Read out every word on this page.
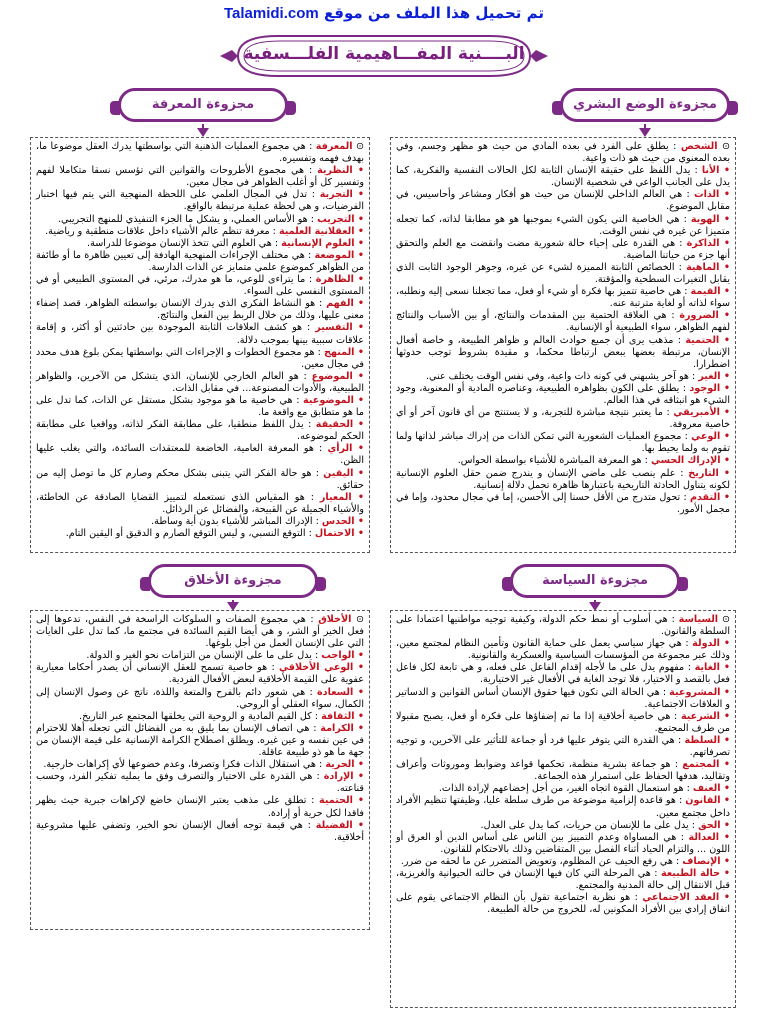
تم تحميل هذا الملف من موقع Talamidi.com
البــــنية المفـــاهيمية الفلـــسفية
مجزوءة الوضع البشري
مجزوءة المعرفة
⊙ الشخص : يطلق على الفرد في بعده المادي من حيث هو مظهر وجسم، وفي بعده المعنوي من حيث هو ذات واعية.
• الأنا : يدل اللفظ على حقيقة الإنسان الثابتة لكل الحالات النفسية والفكرية، كما يدل على الجانب الواعي في شخصية الإنسان.
• الذات : هي العالم الداخلي للإنسان من حيث هو أفكار ومشاعر وأحاسيس، في مقابل الموضوع.
• الهوية : هي الخاصية التي يكون الشيء بموجبها هو هو مطابقا لذاته، كما تجعله متميزا عن غيره في نفس الوقت.
• الذاكرة : هي القدرة على إحياء حالة شعورية مضت وانقضت مع العلم والتحقق أنها جزء من حياتنا الماضية.
• الماهية : الخصائص الثابتة المميزة لشيء عن غيره، وجوهر الوجود الثابت الذي يقابل التغيرات السطحية والمؤقتة.
• القيمة : هي خاصية تتميز بها فكرة أو شيء أو فعل، مما تجعلنا نسعى إليه ونطلبه، سواء لذاته أو لغاية مترتبة عنه.
• الضرورة : هي العلاقة الحتمية بين المقدمات والنتائج، أو بين الأسباب والنتائج لفهم الظواهر، سواء الطبيعية أو الإنسانية.
• الحتمية : مذهب يرى أن جميع حوادث العالم و ظواهر الطبيعة، و خاصة أفعال الإنسان، مرتبطة بعضها ببعض ارتباطا محكما، و مقيدة بشروط توجب حدوثها اضطرارا.
• الغير : هو آخر يشبهني في كونه ذات واعية، وفي نفس الوقت يختلف عني.
• الوجود : يطلق على الكون بظواهره الطبيعية، وعناصره المادية أو المعنوية، وجود الشيء هو انبثاقه في هذا العالم.
• الأمبريقي : ما يعتبر نتيجة مباشرة للتجربة، و لا يستنتج من أي قانون آخر أو أي خاصية معروفة.
• الوعي : مجموع العمليات الشعورية التي تمكن الذات من إدراك مباشر لذاتها ولما تقوم به ولما يحيط بها.
• الإدراك الحسي : هو المعرفة المباشرة للأشياء بواسطة الحواس.
• التاريخ : علم ينصب على ماضي الإنسان و يندرج ضمن حقل العلوم الإنسانية لكونه يتناول الحادثة التاريخية باعتبارها ظاهرة تحمل دلالة إنسانية.
• التقدم : تحول متدرج من الأقل حسنا إلى الأحسن، إما في مجال محدود، وإما في مجمل الأمور.
⊙ المعرفة : هي مجموع العمليات الذهنية التي بواسطتها يدرك العقل موضوعا ما، بهدف فهمه وتفسيره.
• النظرية : هي مجموع الأطروحات والقوانين التي تؤسس نسقا متكاملا لفهم وتفسير كل أو أغلب الظواهر في مجال معين.
• التجربة : تدل في المجال العلمي على اللحظة المنهجية التي يتم فيها اختبار الفرضيات، و هي لحظة عملية مرتبطة بالواقع.
• التجريب : هو الأساس العملي، و يشكل ما الجزء التنفيذي للمنهج التجريبي.
• العقلانية العلمية : معرفة تنظم عالم الأشياء داخل علاقات منطقية و رياضية.
• العلوم الإنسانية : هي العلوم التي تتخذ الإنسان موضوعا للدراسة.
• الموضعة : هي مختلف الإجراءات المنهجية الهادفة إلى تعيين ظاهرة ما أو طائفة من الظواهر كموضوع علمي متمايز عن الذات الدارسة.
• الظاهرة : ما يتراءى للوعي، ما هو مدرك، مرئي، في المستوى الطبيعي أو في المستوى النفسي على السواء.
• الفهم : هو النشاط الفكري الذي يدرك الإنسان بواسطته الظواهر، قصد إضفاء معنى عليها، وذلك من خلال الربط بين الفعل والنتائج.
• التفسير : هو كشف العلاقات الثابتة الموجودة بين حادثتين أو أكثر، و إقامة علاقات سببية بينها بموجب دلالة.
• المنهج : هو مجموع الخطوات و الإجراءات التي بواسطتها يمكن بلوغ هدف محدد في مجال معين.
• الموضوع : هو العالم الخارجي للإنسان، الذي يتشكل من الآخرين، والظواهر الطبيعية، والأدوات المصنوعة... في مقابل الذات.
• الموضوعية : هي خاصية ما هو موجود بشكل مستقل عن الذات، كما تدل على ما هو متطابق مع واقعة ما.
• الحقيقة : يدل اللفظ منطقيا، على مطابقة الفكر لذاته، وواقعيا على مطابقة الحكم لموضوعه.
• الرأي : هو المعرفة العامية، الخاضعة للمعتقدات السائدة، والتي يغلب عليها الظن.
• اليقين : هو حالة الفكر التي يتبنى بشكل محكم وصارم كل ما توصل إليه من حقائق.
• المعيار : هو المقياس الذي نستعمله لتمييز القضايا الصادقة عن الخاطئة، والأشياء الجميلة عن القبيحة، والفضائل عن الرذائل.
• الحدس : الإدراك المباشر للأشياء بدون أية وساطة.
• الاحتمال : التوقع النسبي، و ليس التوقع الصارم و الدقيق أو اليقين التام.
مجزوءة السياسة
مجزوءة الأخلاق
⊙ السياسة : هي أسلوب أو نمط حكم الدولة، وكيفية توجيه مواطنيها اعتمادا على السلطة والقانون.
• الدولة : هي جهاز سياسي يعمل على حماية القانون وتأمين النظام لمجتمع معين، وذلك عبر مجموعة من المؤسسات السياسية والعسكرية والقانونية.
• الغاية : مفهوم يدل على ما لأجله إقدام الفاعل على فعله، و هي تابعة لكل فاعل فعل بالقصد و الاختيار، فلا توجد الغاية في الأفعال غير الاختيارية.
• المشروعية : هي الحالة التي تكون فيها حقوق الإنسان أساس القوانين و الدساتير و العلاقات الاجتماعية.
• الشرعية : هي خاصية أخلاقية إذا ما تم إضفاؤها على فكرة أو فعل، يصبح مقبولا من طرف المجتمع.
• السلطة : هي القدرة التي يتوفر عليها فرد أو جماعة للتأثير على الآخرين، و توجيه تصرفاتهم.
• المجتمع : هو جماعة بشرية منظمة، تحكمها قواعد وضوابط وموروثات وأعراف وتقاليد، هدفها الحفاظ على استمرار هذه الجماعة.
• العنف : هو استعمال القوة اتجاه الغير، من أجل إخضاعهم لإرادة الذات.
• القانون : هو قاعدة إلزامية موضوعة من طرف سلطة عليا، وظيفتها تنظيم الأفراد داخل مجتمع معين.
• الحق : يدل على ما للإنسان من حريات، كما يدل على العدل.
• العدالة : هي المساواة وعدم التمييز بين الناس على أساس الدين أو العرق أو اللون ... والتزام الحياد أثناء الفصل بين المتقاضين وذلك بالاحتكام للقانون.
• الإنصاف : هي رفع الحيف عن المظلوم، وتعويض المتضرر عن ما لحقه من ضرر.
• حالة الطبيعة : هي المرحلة التي كان فيها الإنسان في حالته الحيوانية والغريزية، قبل الانتقال إلى حالة المدنية والمجتمع.
• العقد الاجتماعي : هو نظرية اجتماعية تقول بأن النظام الاجتماعي يقوم على اتفاق إرادي بين الأفراد المكونين له، للخروج من حالة الطبيعة.
⊙ الأخلاق : هي مجموع الصفات و السلوكات الراسخة في النفس، تدعوها إلى فعل الخير أو الشر، و هي أيضا القيم السائدة في مجتمع ما، كما تدل على الغايات التي على الإنسان العمل من أجل بلوغها.
• الواجب : يدل على ما على الإنسان من التزامات نحو الغير و الدولة.
• الوعي الأخلاقي : هو خاصية تسمح للعقل الإنساني أن يصدر أحكاما معيارية عفوية على القيمة الأخلاقية لبعض الأفعال الفردية.
• السعادة : هي شعور دائم بالفرح والمتعة واللذة، ناتج عن وصول الإنسان إلى الكمال، سواء العقلي أو الروحي.
• الثقافة : كل القيم المادية و الروحية التي يخلقها المجتمع عبر التاريخ.
• الكرامة : هي اتصاف الإنسان بما يليق به من الفضائل التي تجعله أهلا للاحترام في عين نفسه و عين غيره. ويطلق اصطلاح الكرامة الإنسانية على قيمة الإنسان من جهة ما هو ذو طبيعة عاقلة.
• الحرية : هي استقلال الذات فكرا وتصرفا، وعدم خضوعها لأي إكراهات خارجية.
• الإرادة : هي القدرة على الاختيار والتصرف وفق ما يمليه تفكير الفرد، وحسب قناعته.
• الحتمية : تطلق على مذهب يعتبر الإنسان خاضع لإكراهات جبرية حيث يظهر فاقدا لكل حرية أو إرادة.
• الفضيلة : هي قيمة توجه أفعال الإنسان نحو الخير، وتضفي عليها مشروعية أخلاقية.
